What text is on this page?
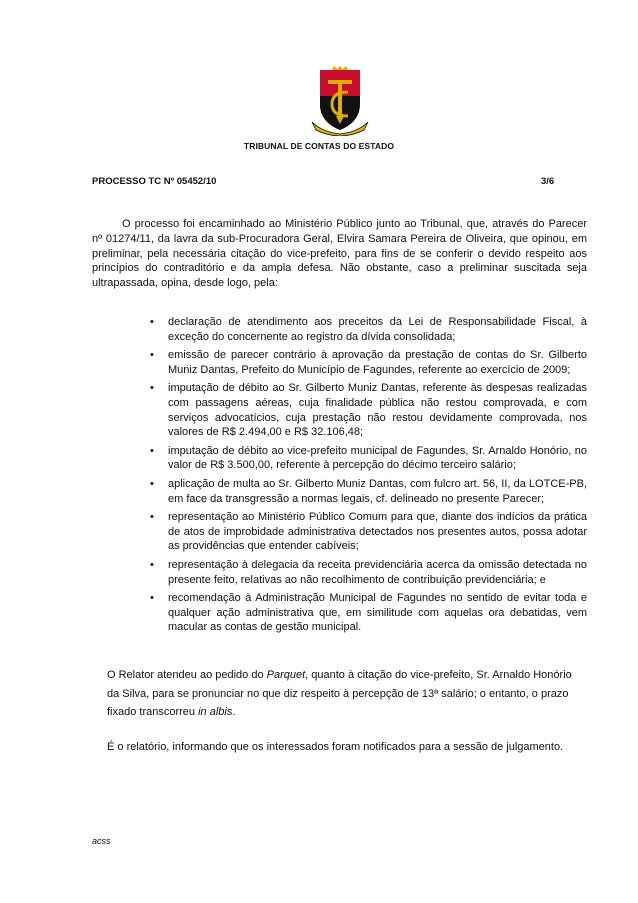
TRIBUNAL DE CONTAS DO ESTADO
PROCESSO TC Nº 05452/10	3/6

O processo foi encaminhado ao Ministério Público junto ao Tribunal, que, através do Parecer nº 01274/11, da lavra da sub-Procuradora Geral, Elvira Samara Pereira de Oliveira, que opinou, em preliminar, pela necessária citação do vice-prefeito, para fins de se conferir o devido respeito aos princípios do contraditório e da ampla defesa. Não obstante, caso a preliminar suscitada seja ultrapassada, opina, desde logo, pela:

• declaração de atendimento aos preceitos da Lei de Responsabilidade Fiscal, à exceção do concernente ao registro da dívida consolidada;
• emissão de parecer contrário à aprovação da prestação de contas do Sr. Gilberto Muniz Dantas, Prefeito do Município de Fagundes, referente ao exercício de 2009;
• imputação de débito ao Sr. Gilberto Muniz Dantas, referente às despesas realizadas com passagens aéreas, cuja finalidade pública não restou comprovada, e com serviços advocatícios, cuja prestação não restou devidamente comprovada, nos valores de R$ 2.494,00 e R$ 32.106,48;
• imputação de débito ao vice-prefeito municipal de Fagundes, Sr. Arnaldo Honório, no valor de R$ 3.500,00, referente à percepção do décimo terceiro salário;
• aplicação de multa ao Sr. Gilberto Muniz Dantas, com fulcro art. 56, II, da LOTCE-PB, em face da transgressão a normas legais, cf. delineado no presente Parecer;
• representação ao Ministério Público Comum para que, diante dos indícios da prática de atos de improbidade administrativa detectados nos presentes autos, possa adotar as providências que entender cabíveis;
• representação à delegacia da receita previdenciária acerca da omissão detectada no presente feito, relativas ao não recolhimento de contribuição previdenciária; e
• recomendação à Administração Municipal de Fagundes no sentido de evitar toda e qualquer ação administrativa que, em similitude com aquelas ora debatidas, vem macular as contas de gestão municipal.

O Relator atendeu ao pedido do Parquet, quanto à citação do vice-prefeito, Sr. Arnaldo Honório da Silva, para se pronunciar no que diz respeito à percepção de 13ª salário; o entanto, o prazo fixado transcorreu in albis.

É o relatório, informando que os interessados foram notificados para a sessão de julgamento.

acss
